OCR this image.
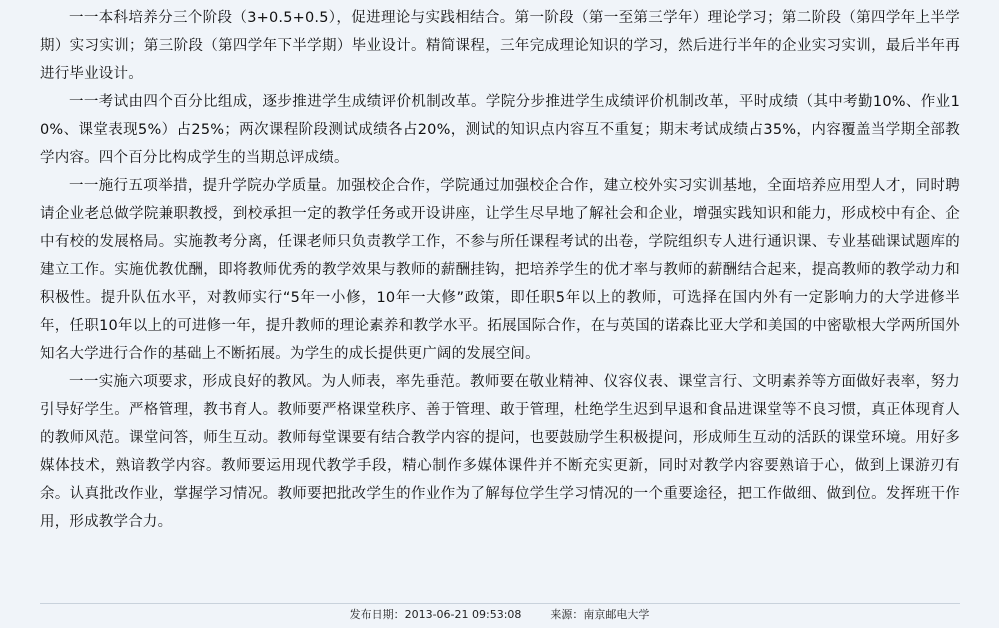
一一本科培养分三个阶段（3+0.5+0.5），促进理论与实践相结合。第一阶段（第一至第三学年）理论学习；第二阶段（第四学年上半学期）实习实训；第三阶段（第四学年下半学期）毕业设计。精简课程，三年完成理论知识的学习，然后进行半年的企业实习实训，最后半年再进行毕业设计。

一一考试由四个百分比组成，逐步推进学生成绩评价机制改革。学院分步推进学生成绩评价机制改革，平时成绩（其中考勤10%、作业10%、课堂表现5%）占25%；两次课程阶段测试成绩各占20%，测试的知识点内容互不重复；期末考试成绩占35%，内容覆盖当学期全部教学内容。四个百分比构成学生的当期总评成绩。

一一施行五项举措，提升学院办学质量。加强校企合作，学院通过加强校企合作，建立校外实习实训基地，全面培养应用型人才，同时聘请企业老总做学院兼职教授，到校承担一定的教学任务或开设讲座，让学生尽早地了解社会和企业，增强实践知识和能力，形成校中有企、企中有校的发展格局。实施教考分离，任课老师只负责教学工作，不参与所任课程考试的出卷，学院组织专人进行通识课、专业基础课试题库的建立工作。实施优教优酬，即将教师优秀的教学效果与教师的薪酬挂钩，把培养学生的优才率与教师的薪酬结合起来，提高教师的教学动力和积极性。提升队伍水平，对教师实行“5年一小修，10年一大修”政策，即任职5年以上的教师，可选择在国内外有一定影响力的大学进修半年，任职10年以上的可进修一年，提升教师的理论素养和教学水平。拓展国际合作，在与英国的诺森比亚大学和美国的中密歇根大学两所国外知名大学进行合作的基础上不断拓展。为学生的成长提供更广阔的发展空间。

一一实施六项要求，形成良好的教风。为人师表，率先垂范。教师要在敬业精神、仪容仪表、课堂言行、文明素养等方面做好表率，努力引导好学生。严格管理，教书育人。教师要严格课堂秩序、善于管理、敢于管理，杜绝学生迟到早退和食品进课堂等不良习惯，真正体现育人的教师风范。课堂问答，师生互动。教师每堂课要有结合教学内容的提问，也要鼓励学生积极提问，形成师生互动的活跃的课堂环境。用好多媒体技术，熟谙教学内容。教师要运用现代教学手段，精心制作多媒体课件并不断充实更新，同时对教学内容要熟谙于心，做到上课游刃有余。认真批改作业，掌握学习情况。教师要把批改学生的作业作为了解每位学生学习情况的一个重要途径，把工作做细、做到位。发挥班干作用，形成教学合力。

发布日期：2013-06-21 09:53:08	来源：南京邮电大学
